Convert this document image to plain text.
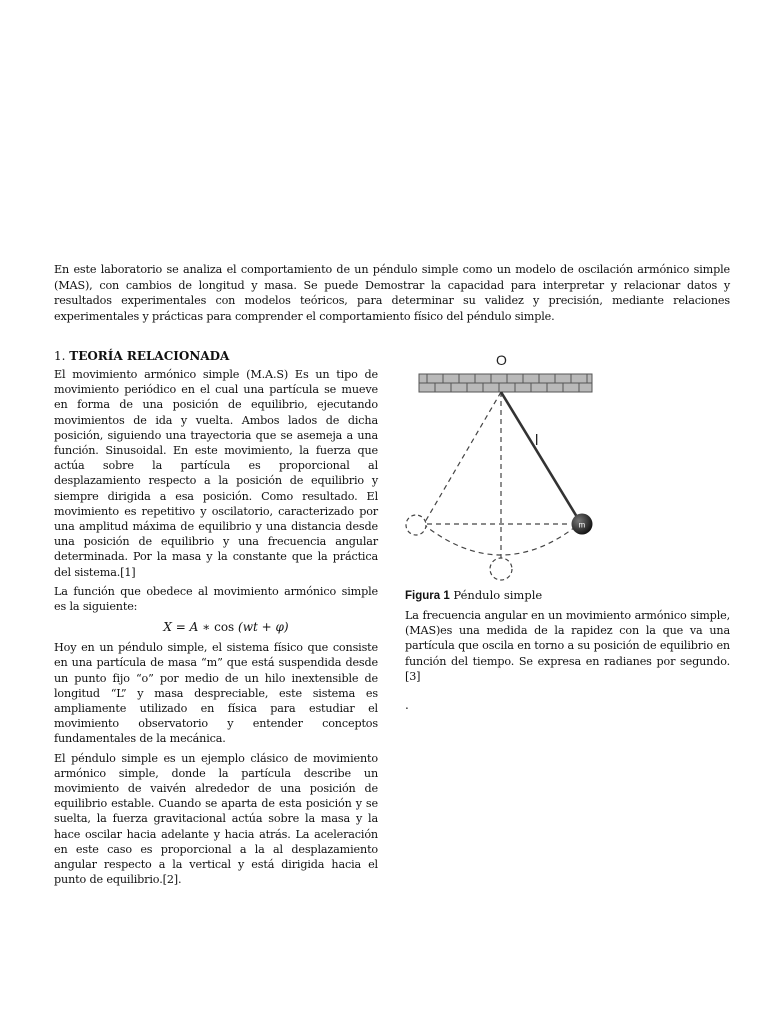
En este laboratorio se analiza el comportamiento de un péndulo simple como un modelo de oscilación armónico simple (MAS), con cambios de longitud y masa. Se puede Demostrar la capacidad para interpretar y relacionar datos y resultados experimentales con modelos teóricos, para determinar su validez y precisión, mediante relaciones experimentales y prácticas para comprender el comportamiento físico del péndulo simple.

1. TEORÍA RELACIONADA

El movimiento armónico simple (M.A.S) Es un tipo de movimiento periódico en el cual una partícula se mueve en forma de una posición de equilibrio, ejecutando movimientos de ida y vuelta. Ambos lados de dicha posición, siguiendo una trayectoria que se asemeja a una función. Sinusoidal. En este movimiento, la fuerza que actúa sobre la partícula es proporcional al desplazamiento respecto a la posición de equilibrio y siempre dirigida a esa posición. Como resultado. El movimiento es repetitivo y oscilatorio, caracterizado por una amplitud máxima de equilibrio y una distancia desde una posición de equilibrio y una frecuencia angular determinada. Por la masa y la constante que la práctica del sistema.[1]

La función que obedece al movimiento armónico simple es la siguiente:

X = A ∗ cos (wt + φ)

Hoy en un péndulo simple, el sistema físico que consiste en una partícula de masa “m” que está suspendida desde un punto fijo “o” por medio de un hilo inextensible de longitud “L” y masa despreciable, este sistema es ampliamente utilizado en física para estudiar el movimiento observatorio y entender conceptos fundamentales de la mecánica.

El péndulo simple es un ejemplo clásico de movimiento armónico simple, donde la partícula describe un movimiento de vaivén alrededor de una posición de equilibrio estable. Cuando se aparta de esta posición y se suelta, la fuerza gravitacional actúa sobre la masa y la hace oscilar hacia adelante y hacia atrás. La aceleración en este caso es proporcional a la al desplazamiento angular respecto a la vertical y está dirigida hacia el punto de equilibrio.[2].

O
l
m
Figura 1 Péndulo simple

La frecuencia angular en un movimiento armónico simple, (MAS)es una medida de la rapidez con la que va una partícula que oscila en torno a su posición de equilibrio en función del tiempo. Se expresa en radianes por segundo. [3]

.
